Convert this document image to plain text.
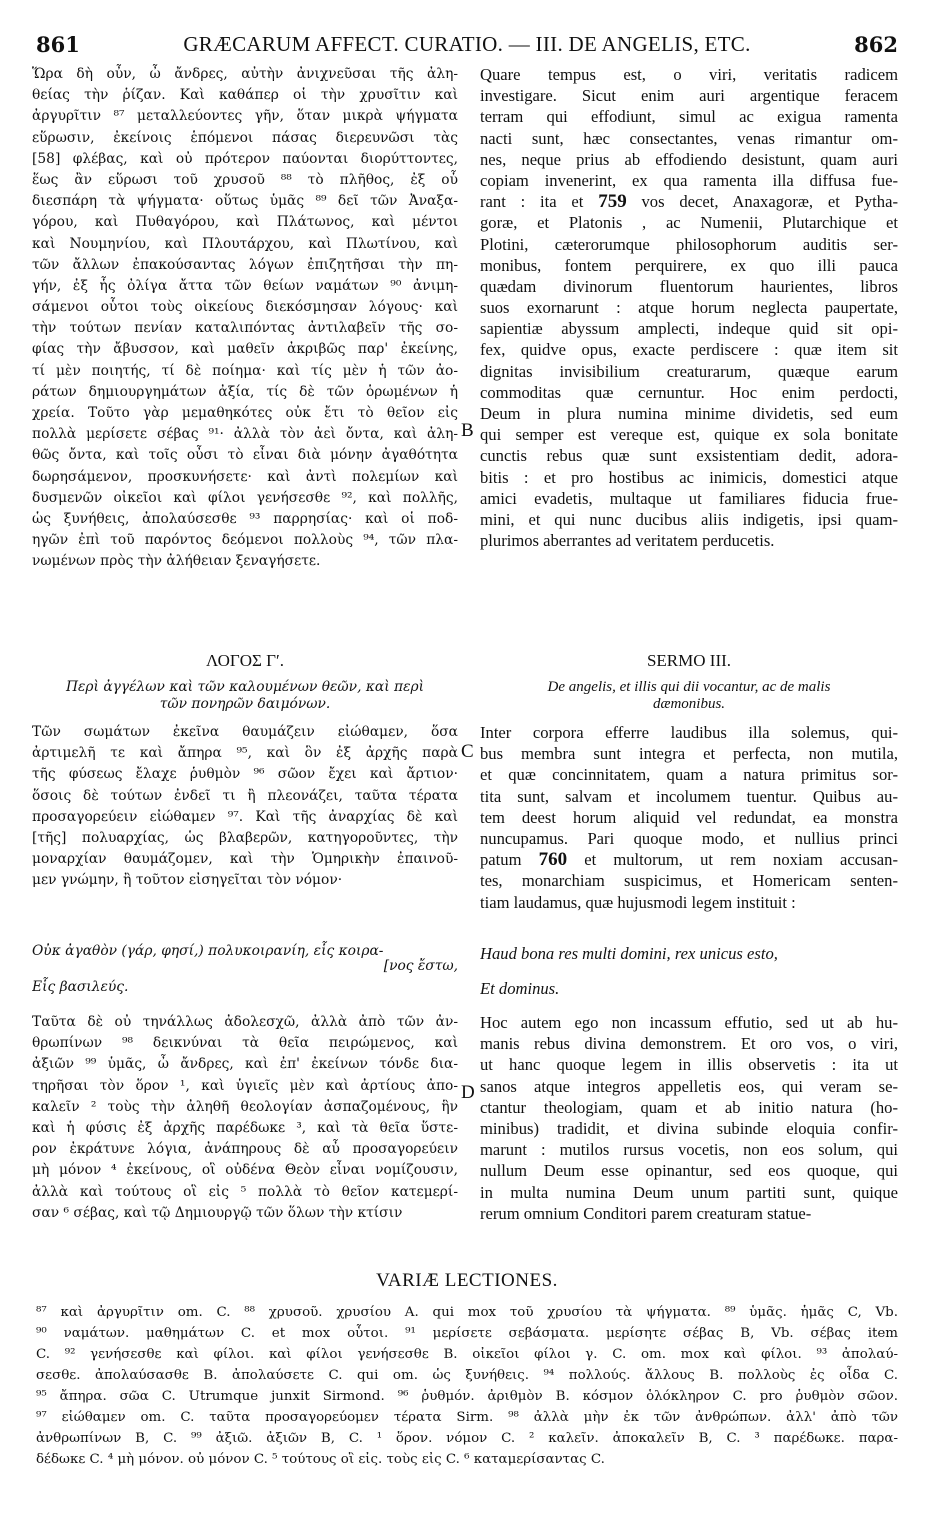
861	GRÆCARUM AFFECT. CURATIO. — III. DE ANGELIS, ETC.	862
Ὥρα δὴ οὖν, ὦ ἄνδρες, αὐτὴν ἀνιχνεῦσαι τῆς ἀλη-
θείας τὴν ῥίζαν. Καὶ καθάπερ οἱ τὴν χρυσῖτιν καὶ
ἀργυρῖτιν ⁸⁷ μεταλλεύοντες γῆν, ὅταν μικρὰ ψήγματα
εὕρωσιν, ἐκείνοις ἑπόμενοι πάσας διερευνῶσι τὰς
[58] φλέβας, καὶ οὐ πρότερον παύονται διορύττοντες,
ἕως ἂν εὕρωσι τοῦ χρυσοῦ ⁸⁸ τὸ πλῆθος, ἐξ οὗ
διεσπάρη τὰ ψήγματα· οὕτως ὑμᾶς ⁸⁹ δεῖ τῶν Ἀναξα-
γόρου, καὶ Πυθαγόρου, καὶ Πλάτωνος, καὶ μέντοι
καὶ Νουμηνίου, καὶ Πλουτάρχου, καὶ Πλωτίνου, καὶ
τῶν ἄλλων ἐπακούσαντας λόγων ἐπιζητῆσαι τὴν πη-
γήν, ἐξ ἧς ὀλίγα ἄττα τῶν θείων ναμάτων ⁹⁰ ἀνιμη-
σάμενοι οὗτοι τοὺς οἰκείους διεκόσμησαν λόγους· καὶ
τὴν τούτων πενίαν καταλιπόντας ἀντιλαβεῖν τῆς σο-
φίας τὴν ἄβυσσον, καὶ μαθεῖν ἀκριβῶς παρ' ἐκείνης,
τί μὲν ποιητής, τί δὲ ποίημα· καὶ τίς μὲν ἡ τῶν ἀο-
ράτων δημιουργημάτων ἀξία, τίς δὲ τῶν ὁρωμένων ἡ
χρεία. Τοῦτο γὰρ μεμαθηκότες οὐκ ἔτι τὸ θεῖον εἰς
πολλὰ μερίσετε σέβας ⁹¹· ἀλλὰ τὸν ἀεὶ ὄντα, καὶ ἀλη-
θῶς ὄντα, καὶ τοῖς οὖσι τὸ εἶναι διὰ μόνην ἀγαθότητα
δωρησάμενον, προσκυνήσετε· καὶ ἀντὶ πολεμίων καὶ
δυσμενῶν οἰκεῖοι καὶ φίλοι γενήσεσθε ⁹², καὶ πολλῆς,
ὡς ξυνήθεις, ἀπολαύσεσθε ⁹³ παρρησίας· καὶ οἱ ποδ-
ηγῶν ἐπὶ τοῦ παρόντος δεόμενοι πολλοὺς ⁹⁴, τῶν πλα-
νωμένων πρὸς τὴν ἀλήθειαν ξεναγήσετε.
Quare tempus est, o viri, veritatis radicem
investigare. Sicut enim auri argentique feracem
terram qui effodiunt, simul ac exigua ramenta
nacti sunt, hæc consectantes, venas rimantur om-
nes, neque prius ab effodiendo desistunt, quam auri
copiam invenerint, ex qua ramenta illa diffusa fue-
rant : ita et 759 vos decet, Anaxagoræ, et Pytha-
goræ, et Platonis , ac Numenii, Plutarchique et
Plotini, cæterorumque philosophorum auditis ser-
monibus, fontem perquirere, ex quo illi pauca
quædam divinorum fluentorum haurientes, libros
suos exornarunt : atque horum neglecta paupertate,
sapientiæ abyssum amplecti, indeque quid sit opi-
fex, quidve opus, exacte perdiscere : quæ item sit
dignitas invisibilium creaturarum, quæque earum
commoditas quæ cernuntur. Hoc enim perdocti,
Deum in plura numina minime dividetis, sed eum
qui semper est vereque est, quique ex sola bonitate
cunctis rebus quæ sunt exsistentiam dedit, adora-
bitis : et pro hostibus ac inimicis, domestici atque
amici evadetis, multaque ut familiares fiducia frue-
mini, et qui nunc ducibus aliis indigetis, ipsi quam-
plurimos aberrantes ad veritatem perducetis.
B
C
D
ΛΟΓΟΣ Γʹ.	SERMO III.
Περὶ ἀγγέλων καὶ τῶν καλουμένων θεῶν, καὶ περὶ
τῶν πονηρῶν δαιμόνων.
De angelis, et illis qui dii vocantur, ac de malis
dæmonibus.
Τῶν σωμάτων ἐκεῖνα θαυμάζειν εἰώθαμεν, ὅσα
ἀρτιμελῆ τε καὶ ἄπηρα ⁹⁵, καὶ ὃν ἐξ ἀρχῆς παρὰ
τῆς φύσεως ἔλαχε ῥυθμὸν ⁹⁶ σῶον ἔχει καὶ ἄρτιον·
ὅσοις δὲ τούτων ἐνδεῖ τι ἢ πλεονάζει, ταῦτα τέρατα
προσαγορεύειν εἰώθαμεν ⁹⁷. Καὶ τῆς ἀναρχίας δὲ καὶ
[τῆς] πολυαρχίας, ὡς βλαβερῶν, κατηγοροῦντες, τὴν
μοναρχίαν θαυμάζομεν, καὶ τὴν Ὁμηρικὴν ἐπαινοῦ-
μεν γνώμην, ἢ τοῦτον εἰσηγεῖται τὸν νόμον·
Inter corpora efferre laudibus illa solemus, qui-
bus membra sunt integra et perfecta, non mutila,
et quæ concinnitatem, quam a natura primitus sor-
tita sunt, salvam et incolumem tuentur. Quibus au-
tem deest horum aliquid vel redundat, ea monstra
nuncupamus. Pari quoque modo, et nullius princi
patum 760 et multorum, ut rem noxiam accusan-
tes, monarchiam suspicimus, et Homericam senten-
tiam laudamus, quæ hujusmodi legem instituit :
Οὐκ ἀγαθὸν (γάρ, φησί,) πολυκοιρανίη, εἷς κοιρα-
[νος ἔστω,
Εἷς βασιλεύς.
Haud bona res multi domini, rex unicus esto,
Et dominus.
Ταῦτα δὲ οὐ τηνάλλως ἀδολεσχῶ, ἀλλὰ ἀπὸ τῶν ἀν-
θρωπίνων ⁹⁸ δεικνύναι τὰ θεῖα πειρώμενος, καὶ
ἀξιῶν ⁹⁹ ὑμᾶς, ὦ ἄνδρες, καὶ ἐπ' ἐκείνων τόνδε δια-
τηρῆσαι τὸν ὅρον ¹, καὶ ὑγιεῖς μὲν καὶ ἀρτίους ἀπο-
καλεῖν ² τοὺς τὴν ἀληθῆ θεολογίαν ἀσπαζομένους, ἣν
καὶ ἡ φύσις ἐξ ἀρχῆς παρέδωκε ³, καὶ τὰ θεῖα ὕστε-
ρον ἐκράτυνε λόγια, ἀνάπηρους δὲ αὖ προσαγορεύειν
μὴ μόνον ⁴ ἐκείνους, οἳ οὐδένα Θεὸν εἶναι νομίζουσιν,
ἀλλὰ καὶ τούτους οἳ εἰς ⁵ πολλὰ τὸ θεῖον κατεμερί-
σαν ⁶ σέβας, καὶ τῷ Δημιουργῷ τῶν ὅλων τὴν κτίσιν
Hoc autem ego non incassum effutio, sed ut ab hu-
manis rebus divina demonstrem. Et oro vos, o viri,
ut hanc quoque legem in illis observetis : ita ut
sanos atque integros appelletis eos, qui veram se-
ctantur theologiam, quam et ab initio natura (ho-
minibus) tradidit, et divina subinde eloquia confir-
marunt : mutilos rursus vocetis, non eos solum, qui
nullum Deum esse opinantur, sed eos quoque, qui
in multa numina Deum unum partiti sunt, quique
rerum omnium Conditori parem creaturam statue-
VARIÆ LECTIONES.
⁸⁷ καὶ ἀργυρῖτιν om. C. ⁸⁸ χρυσοῦ. χρυσίου A. qui mox τοῦ χρυσίου τὰ ψήγματα. ⁸⁹ ὑμᾶς. ἡμᾶς C, Vb.
⁹⁰ ναμάτων. μαθημάτων C. et mox οὗτοι. ⁹¹ μερίσετε σεβάσματα. μερίσητε σέβας B, Vb. σέβας item
C. ⁹² γενήσεσθε καὶ φίλοι. καὶ φίλοι γενήσεσθε B. οἰκεῖοι φίλοι γ. C. om. mox καὶ φίλοι. ⁹³ ἀπολαύ-
σεσθε. ἀπολαύσασθε B. ἀπολαύσετε C. qui om. ὡς ξυνήθεις. ⁹⁴ πολλούς. ἄλλους B. πολλοὺς ἐς οἶδα C.
⁹⁵ ἄπηρα. σῶα C. Utrumque junxit Sirmond. ⁹⁶ ῥυθμόν. ἀριθμὸν B. κόσμον ὁλόκληρον C. pro ῥυθμὸν σῶον.
⁹⁷ εἰώθαμεν om. C. ταῦτα προσαγορεύομεν τέρατα Sirm. ⁹⁸ ἀλλὰ μὴν ἐκ τῶν ἀνθρώπων. ἀλλ' ἀπὸ τῶν
ἀνθρωπίνων B, C. ⁹⁹ ἀξιῶ. ἀξιῶν B, C. ¹ ὅρον. νόμον C. ² καλεῖν. ἀποκαλεῖν B, C. ³ παρέδωκε. παρα-
δέδωκε C. ⁴ μὴ μόνον. οὐ μόνον C. ⁵ τούτους οἳ εἰς. τοὺς εἰς C. ⁶ καταμερίσαντας C.
